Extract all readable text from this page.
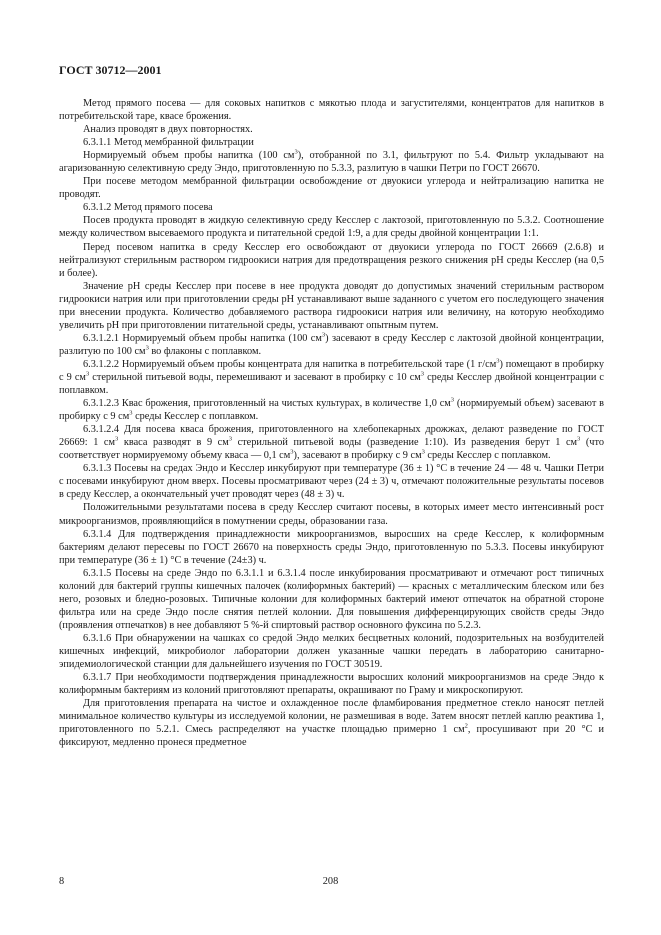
ГОСТ 30712—2001

Метод прямого посева — для соковых напитков с мякотью плода и загустителями, концентратов для напитков в потребительской таре, квасе брожения.

Анализ проводят в двух повторностях.

6.3.1.1 Метод мембранной фильтрации

Нормируемый объем пробы напитка (100 $см^3$), отобранной по 3.1, фильтруют по 5.4. Фильтр укладывают на агаризованную селективную среду Эндо, приготовленную по 5.3.3, разлитую в чашки Петри по ГОСТ 26670.

При посеве методом мембранной фильтрации освобождение от двуокиси углерода и нейтрализацию напитка не проводят.

6.3.1.2 Метод прямого посева

Посев продукта проводят в жидкую селективную среду Кесслер с лактозой, приготовленную по 5.3.2. Соотношение между количеством высеваемого продукта и питательной средой 1:9, а для среды двойной концентрации 1:1.

Перед посевом напитка в среду Кесслер его освобождают от двуокиси углерода по ГОСТ 26669 (2.6.8) и нейтрализуют стерильным раствором гидроокиси натрия для предотвращения резкого снижения pH среды Кесслер (на 0,5 и более).

Значение pH среды Кесслер при посеве в нее продукта доводят до допустимых значений стерильным раствором гидроокиси натрия или при приготовлении среды pH устанавливают выше заданного с учетом его последующего значения при внесении продукта. Количество добавляемого раствора гидроокиси натрия или величину, на которую необходимо увеличить pH при приготовлении питательной среды, устанавливают опытным путем.

6.3.1.2.1 Нормируемый объем пробы напитка (100 $см^3$) засевают в среду Кесслер с лактозой двойной концентрации, разлитую по 100 $см^3$ во флаконы с поплавком.

6.3.1.2.2 Нормируемый объем пробы концентрата для напитка в потребительской таре (1 $г/см^3$) помещают в пробирку с 9 $см^3$ стерильной питьевой воды, перемешивают и засевают в пробирку с 10 $см^3$ среды Кесслер двойной концентрации с поплавком.

6.3.1.2.3 Квас брожения, приготовленный на чистых культурах, в количестве 1,0 $см^3$ (нормируемый объем) засевают в пробирку с 9 $см^3$ среды Кесслер с поплавком.

6.3.1.2.4 Для посева кваса брожения, приготовленного на хлебопекарных дрожжах, делают разведение по ГОСТ 26669: 1 $см^3$ кваса разводят в 9 $см^3$ стерильной питьевой воды (разведение 1:10). Из разведения берут 1 $см^3$ (что соответствует нормируемому объему кваса — 0,1 $см^3$), засевают в пробирку с 9 $см^3$ среды Кесслер с поплавком.

6.3.1.3 Посевы на средах Эндо и Кесслер инкубируют при температуре (36 ± 1) °С в течение 24 — 48 ч. Чашки Петри с посевами инкубируют дном вверх. Посевы просматривают через (24 ± 3) ч, отмечают положительные результаты посевов в среду Кесслер, а окончательный учет проводят через (48 ± 3) ч.

Положительными результатами посева в среду Кесслер считают посевы, в которых имеет место интенсивный рост микроорганизмов, проявляющийся в помутнении среды, образовании газа.

6.3.1.4 Для подтверждения принадлежности микроорганизмов, выросших на среде Кесслер, к колиформным бактериям делают пересевы по ГОСТ 26670 на поверхность среды Эндо, приготовленную по 5.3.3. Посевы инкубируют при температуре (36 ± 1) °С в течение (24±3) ч.

6.3.1.5 Посевы на среде Эндо по 6.3.1.1 и 6.3.1.4 после инкубирования просматривают и отмечают рост типичных колоний для бактерий группы кишечных палочек (колиформных бактерий) — красных с металлическим блеском или без него, розовых и бледно-розовых. Типичные колонии для колиформных бактерий имеют отпечаток на обратной стороне фильтра или на среде Эндо после снятия петлей колонии. Для повышения дифференцирующих свойств среды Эндо (проявления отпечатков) в нее добавляют 5 %-й спиртовый раствор основного фуксина по 5.2.3.

6.3.1.6 При обнаружении на чашках со средой Эндо мелких бесцветных колоний, подозрительных на возбудителей кишечных инфекций, микробиолог лаборатории должен указанные чашки передать в лабораторию санитарно-эпидемиологической станции для дальнейшего изучения по ГОСТ 30519.

6.3.1.7 При необходимости подтверждения принадлежности выросших колоний микроорганизмов на среде Эндо к колиформным бактериям из колоний приготовляют препараты, окрашивают по Граму и микроскопируют.

Для приготовления препарата на чистое и охлажденное после фламбирования предметное стекло наносят петлей минимальное количество культуры из исследуемой колонии, не размешивая в воде. Затем вносят петлей каплю реактива 1, приготовленного по 5.2.1. Смесь распределяют на участке площадью примерно 1 $см^2$, просушивают при 20 °С и фиксируют, медленно пронеся предметное

8	208
